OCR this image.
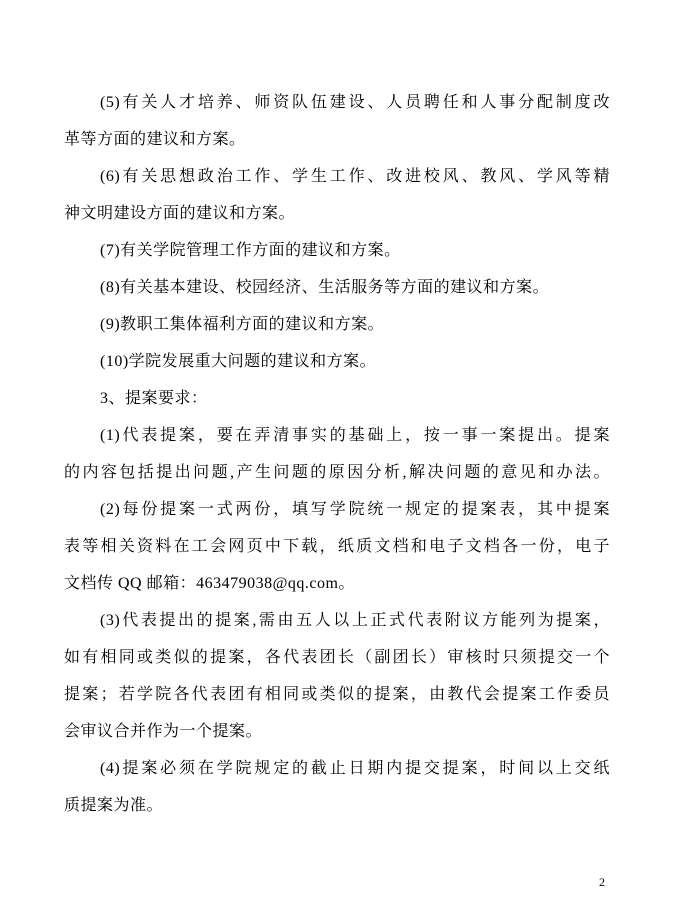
(5)有关人才培养、师资队伍建设、人员聘任和人事分配制度改
革等方面的建议和方案。
(6)有关思想政治工作、学生工作、改进校风、教风、学风等精
神文明建设方面的建议和方案。
(7)有关学院管理工作方面的建议和方案。
(8)有关基本建设、校园经济、生活服务等方面的建议和方案。
(9)教职工集体福利方面的建议和方案。
(10)学院发展重大问题的建议和方案。
3、提案要求：
(1)代表提案，要在弄清事实的基础上，按一事一案提出。提案
的内容包括提出问题,产生问题的原因分析,解决问题的意见和办法。
(2)每份提案一式两份，填写学院统一规定的提案表，其中提案
表等相关资料在工会网页中下载，纸质文档和电子文档各一份，电子
文档传 QQ 邮箱：463479038@qq.com。
(3)代表提出的提案,需由五人以上正式代表附议方能列为提案，
如有相同或类似的提案，各代表团长（副团长）审核时只须提交一个
提案；若学院各代表团有相同或类似的提案，由教代会提案工作委员
会审议合并作为一个提案。
(4)提案必须在学院规定的截止日期内提交提案，时间以上交纸
质提案为准。
2
